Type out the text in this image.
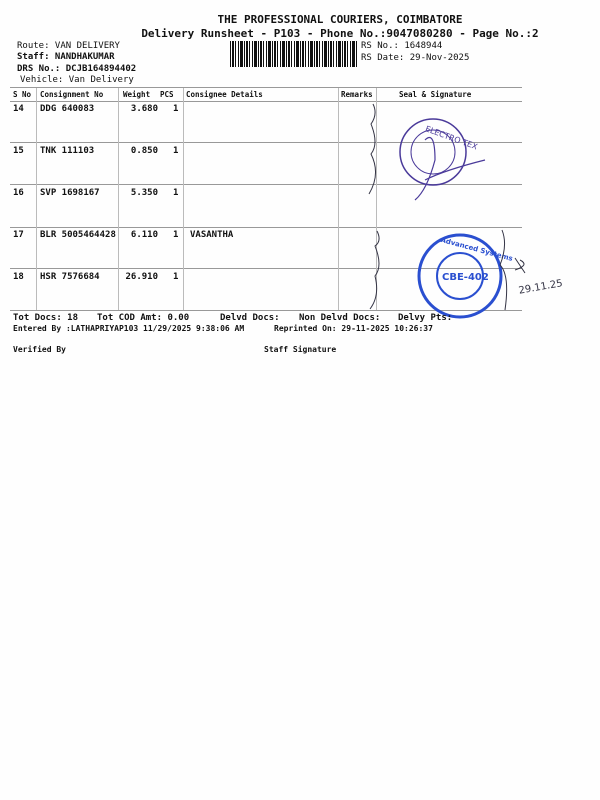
THE PROFESSIONAL COURIERS, COIMBATORE
Delivery Runsheet - P103 - Phone No.:9047080280 - Page No.:2
Route: VAN DELIVERY
Staff: NANDHAKUMAR
DRS No.: DCJB164894402
Vehicle: Van Delivery
RS No.: 1648944
RS Date: 29-Nov-2025
S No Consignment No	Weight PCS Consignee Details	Remarks	Seal & Signature
14 DDG 640083	3.680 1
15 TNK 111103	0.850 1
16 SVP 1698167	5.350 1
17 BLR 5005464428 6.110 1 VASANTHA
18 HSR 7576684	26.910 1
ELECTRO TEX
CBE-402
Advanced Systems
29.11.25
Tot Docs: 18 Tot COD Amt: 0.00	Delvd Docs: Non Delvd Docs: Delvy Pts:
Entered By :LATHAPRIYAP103 11/29/2025 9:38:06 AM	Reprinted On: 29-11-2025 10:26:37
Verified By	Staff Signature
